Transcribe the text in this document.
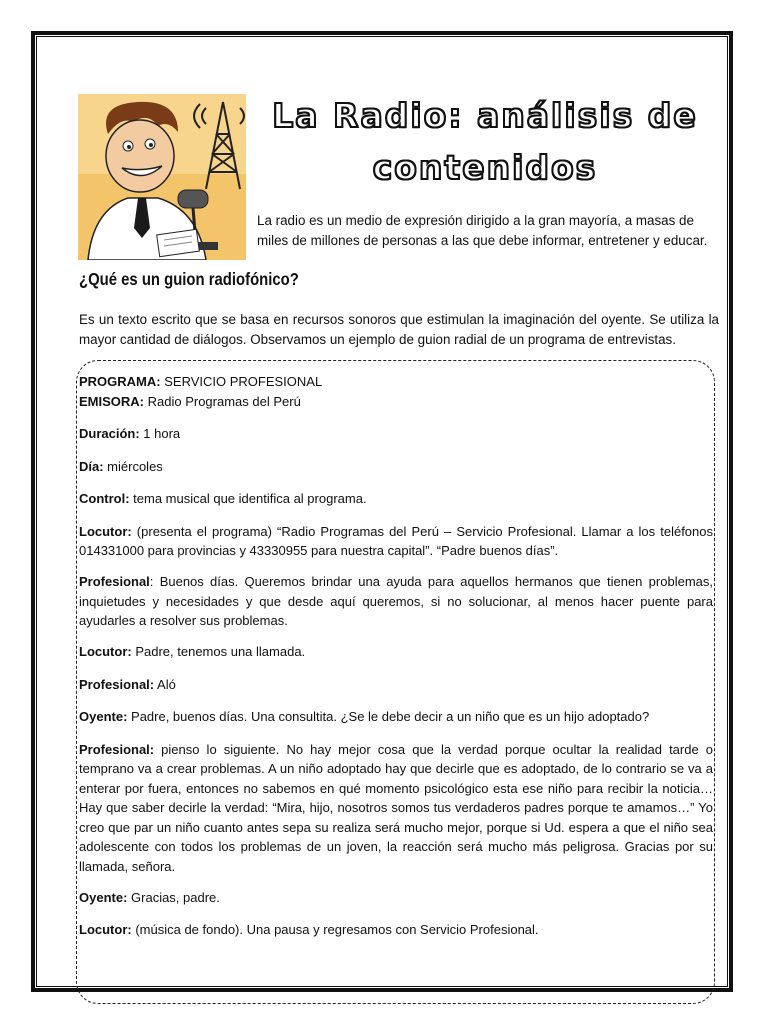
La Radio: análisis de
contenidos
La radio es un medio de expresión dirigido a la gran mayoría, a masas de miles de millones de personas a las que debe informar, entretener y educar.
¿Qué es un guion radiofónico?
Es un texto escrito que se basa en recursos sonoros que estimulan la imaginación del oyente. Se utiliza la mayor cantidad de diálogos. Observamos un ejemplo de guion radial de un programa de entrevistas.

PROGRAMA: SERVICIO PROFESIONAL
EMISORA: Radio Programas del Perú

Duración: 1 hora

Día: miércoles

Control: tema musical que identifica al programa.

Locutor: (presenta el programa) “Radio Programas del Perú – Servicio Profesional. Llamar a los teléfonos 014331000 para provincias y 43330955 para nuestra capital”. “Padre buenos días”.

Profesional: Buenos días. Queremos brindar una ayuda para aquellos hermanos que tienen problemas, inquietudes y necesidades y que desde aquí queremos, si no solucionar, al menos hacer puente para ayudarles a resolver sus problemas.

Locutor: Padre, tenemos una llamada.

Profesional: Aló

Oyente: Padre, buenos días. Una consultita. ¿Se le debe decir a un niño que es un hijo adoptado?

Profesional: pienso lo siguiente. No hay mejor cosa que la verdad porque ocultar la realidad tarde o temprano va a crear problemas. A un niño adoptado hay que decirle que es adoptado, de lo contrario se va a enterar por fuera, entonces no sabemos en qué momento psicológico esta ese niño para recibir la noticia… Hay que saber decirle la verdad: “Mira, hijo, nosotros somos tus verdaderos padres porque te amamos…” Yo creo que par un niño cuanto antes sepa su realiza será mucho mejor, porque si Ud. espera a que el niño sea adolescente con todos los problemas de un joven, la reacción será mucho más peligrosa. Gracias por su llamada, señora.

Oyente: Gracias, padre.

Locutor: (música de fondo). Una pausa y regresamos con Servicio Profesional.
